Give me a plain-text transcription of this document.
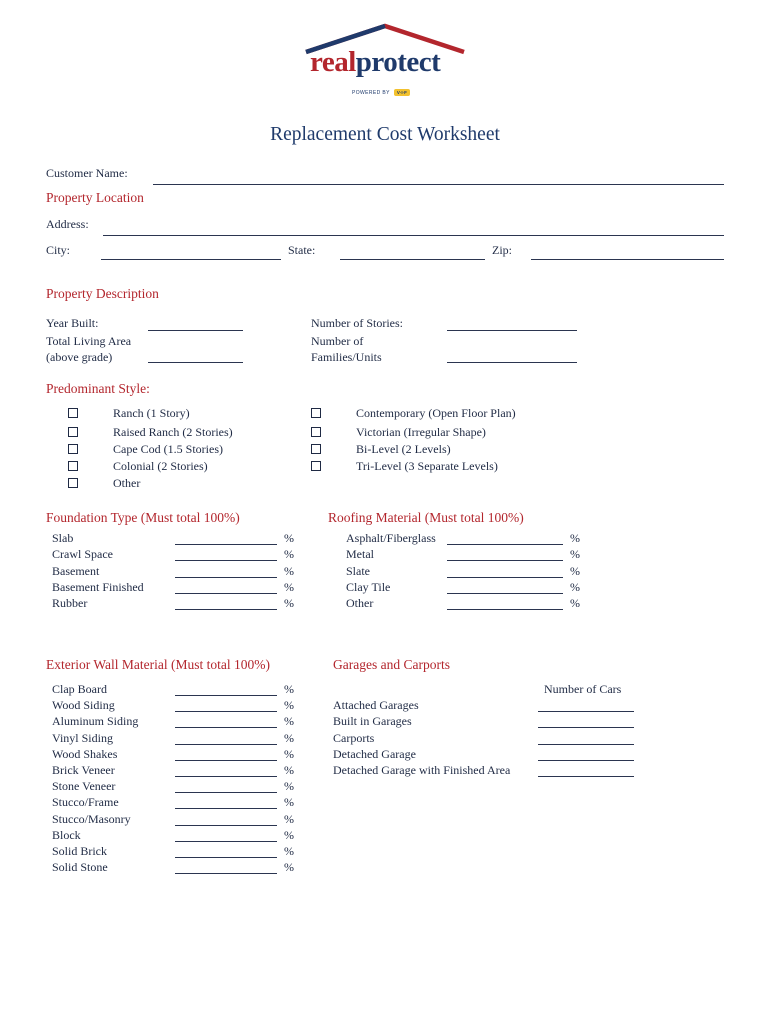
realprotect
POWERED BY V·I·F
Replacement Cost Worksheet
Customer Name:
Property Location
Address:
City:	State:	Zip:
Property Description
Year Built:
Total Living Area
(above grade)
Number of Stories:
Number of
Families/Units
Predominant Style:
Ranch (1 Story)
Raised Ranch (2 Stories)
Cape Cod (1.5 Stories)
Colonial (2 Stories)
Other
Contemporary (Open Floor Plan)
Victorian (Irregular Shape)
Bi-Level (2 Levels)
Tri-Level (3 Separate Levels)
Foundation Type (Must total 100%)
Slab	%
Crawl Space	%
Basement	%
Basement Finished	%
Rubber	%
Roofing Material (Must total 100%)
Asphalt/Fiberglass	%
Metal	%
Slate	%
Clay Tile	%
Other	%
Exterior Wall Material (Must total 100%)
Clap Board	%
Wood Siding	%
Aluminum Siding	%
Vinyl Siding	%
Wood Shakes	%
Brick Veneer	%
Stone Veneer	%
Stucco/Frame	%
Stucco/Masonry	%
Block	%
Solid Brick	%
Solid Stone	%
Garages and Carports
Number of Cars
Attached Garages
Built in Garages
Carports
Detached Garage
Detached Garage with Finished Area
